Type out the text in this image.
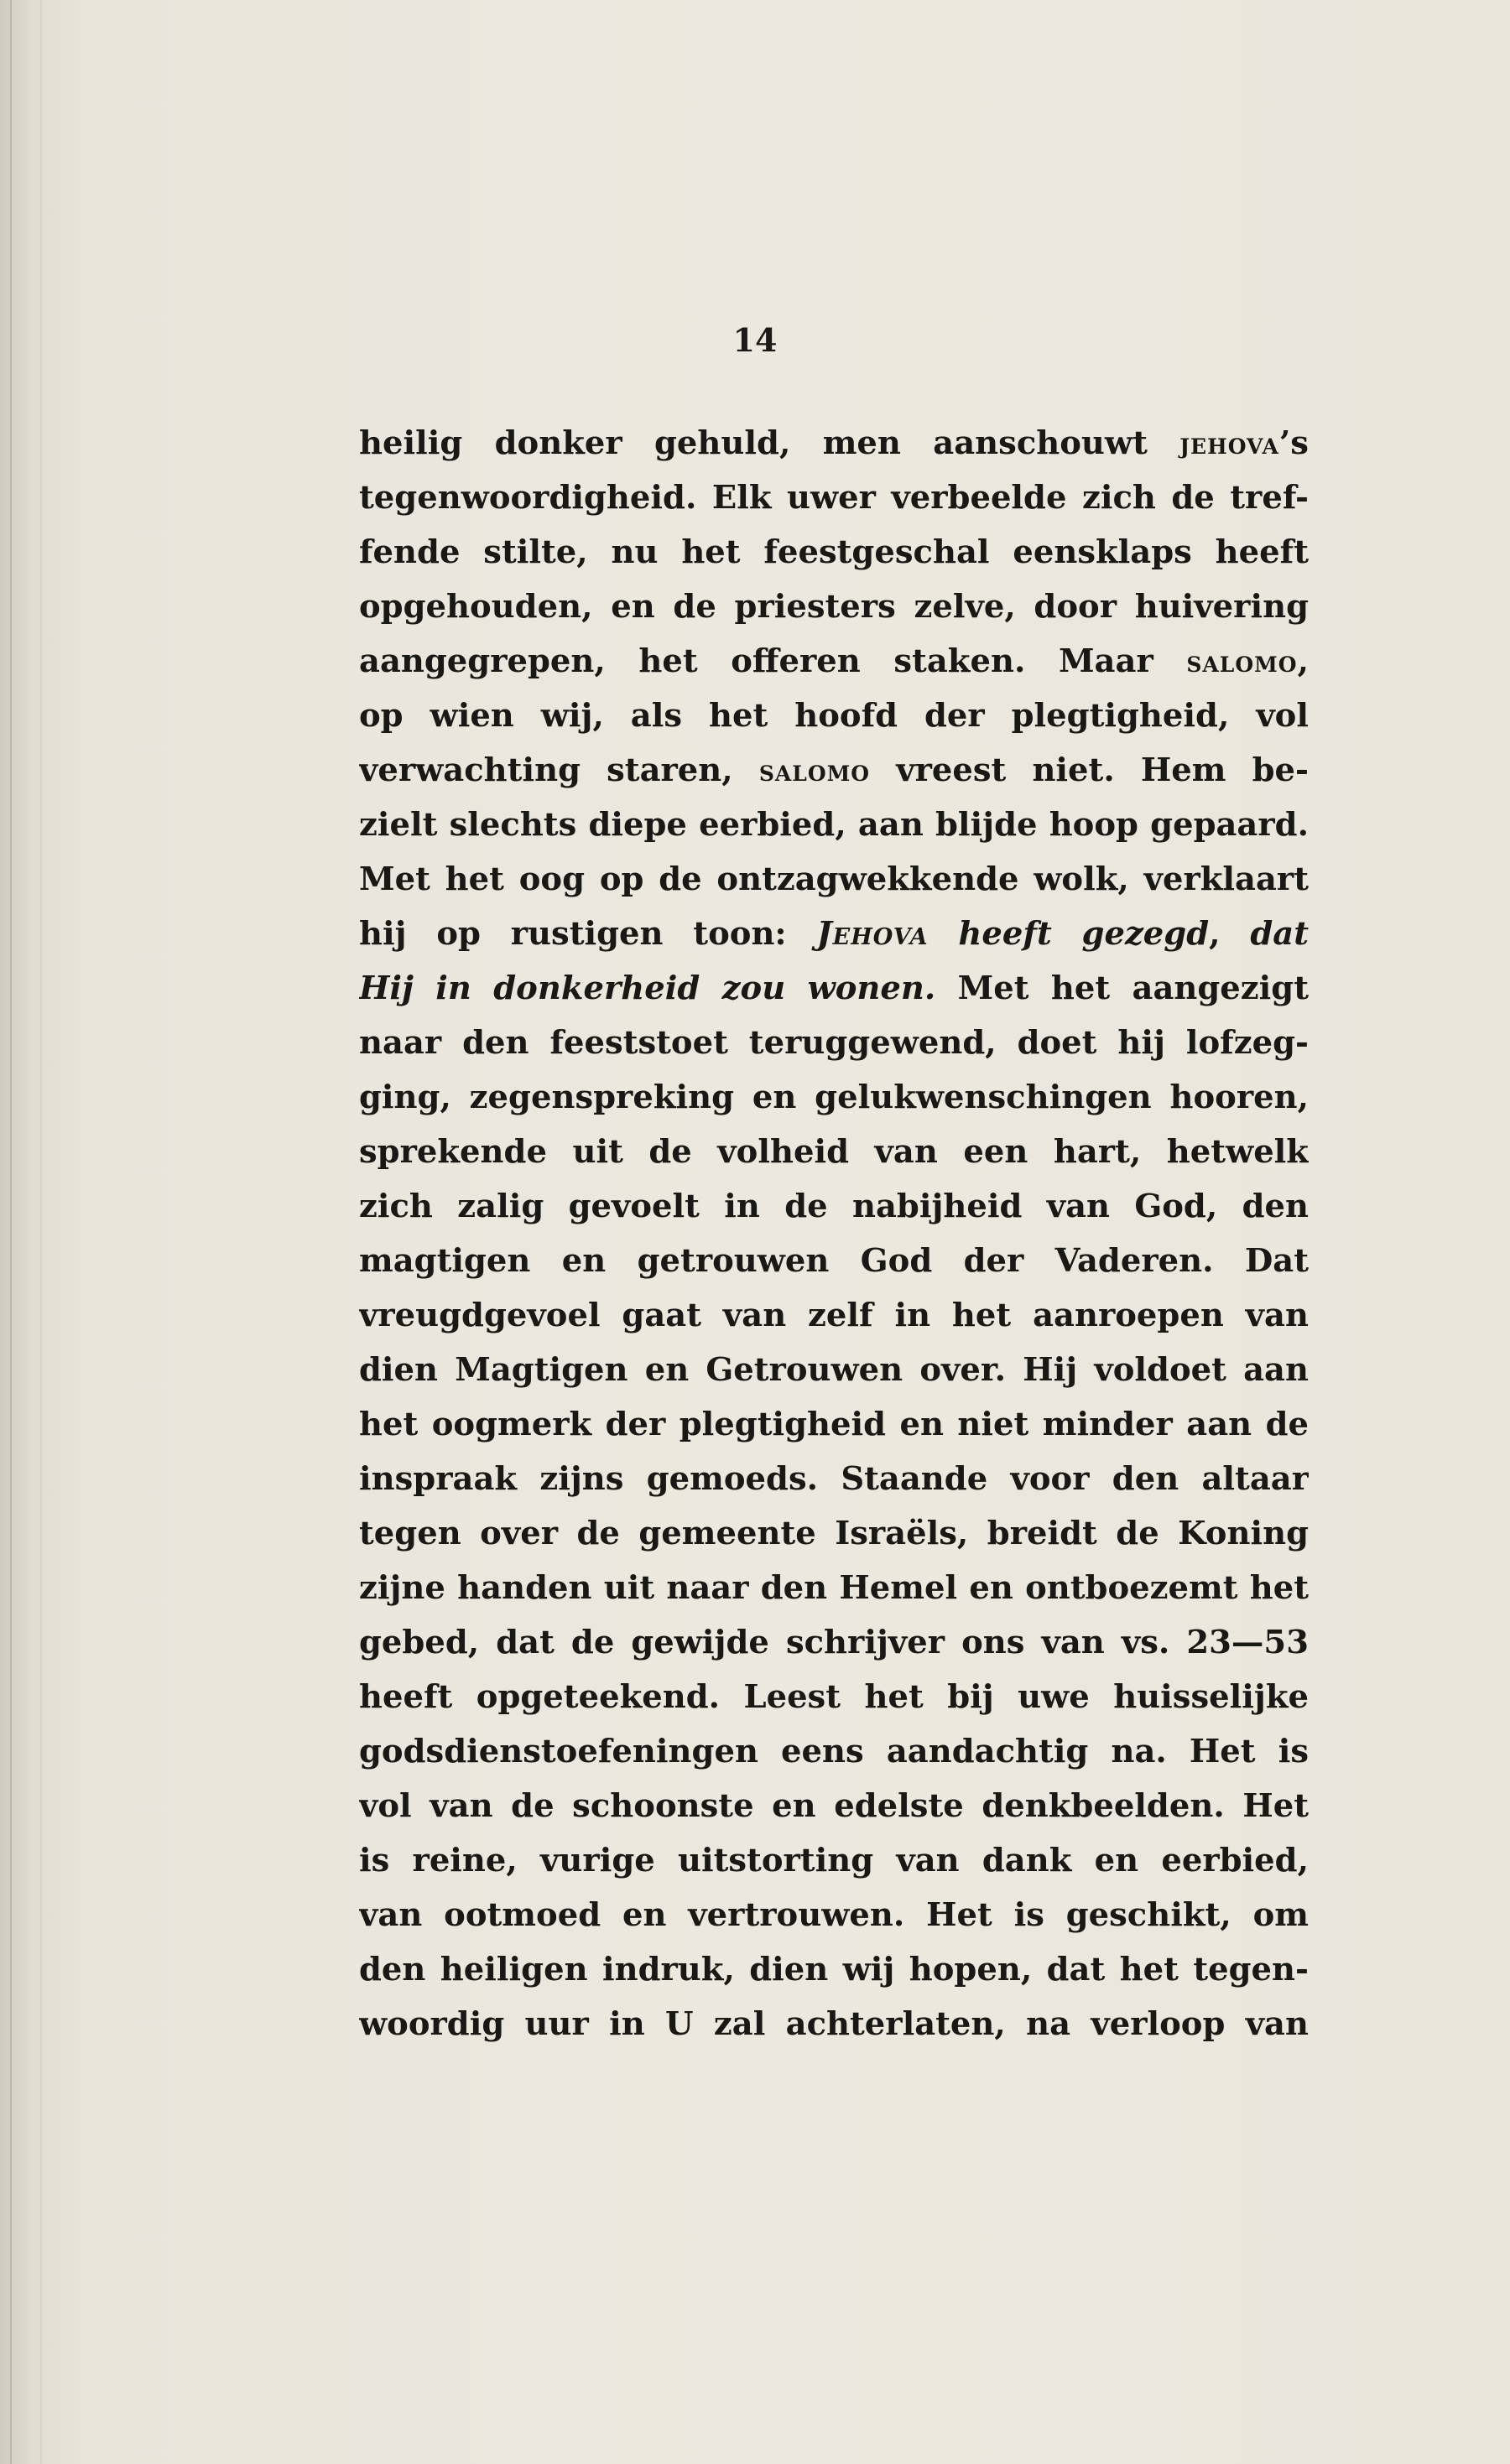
14
heilig donker gehuld, men aanschouwt jehova’s
tegenwoordigheid. Elk uwer verbeelde zich de tref-
fende stilte, nu het feestgeschal eensklaps heeft
opgehouden, en de priesters zelve, door huivering
aangegrepen, het offeren staken. Maar salomo,
op wien wij, als het hoofd der plegtigheid, vol
verwachting staren, salomo vreest niet. Hem be-
zielt slechts diepe eerbied, aan blijde hoop gepaard.
Met het oog op de ontzagwekkende wolk, verklaart
hij op rustigen toon: Jehova heeft gezegd, dat
Hij in donkerheid zou wonen. Met het aangezigt
naar den feeststoet teruggewend, doet hij lofzeg-
ging, zegenspreking en gelukwenschingen hooren,
sprekende uit de volheid van een hart, hetwelk
zich zalig gevoelt in de nabijheid van God, den
magtigen en getrouwen God der Vaderen. Dat
vreugdgevoel gaat van zelf in het aanroepen van
dien Magtigen en Getrouwen over. Hij voldoet aan
het oogmerk der plegtigheid en niet minder aan de
inspraak zijns gemoeds. Staande voor den altaar
tegen over de gemeente Israëls, breidt de Koning
zijne handen uit naar den Hemel en ontboezemt het
gebed, dat de gewijde schrijver ons van vs. 23—53
heeft opgeteekend. Leest het bij uwe huisselijke
godsdienstoefeningen eens aandachtig na. Het is
vol van de schoonste en edelste denkbeelden. Het
is reine, vurige uitstorting van dank en eerbied,
van ootmoed en vertrouwen. Het is geschikt, om
den heiligen indruk, dien wij hopen, dat het tegen-
woordig uur in U zal achterlaten, na verloop van
